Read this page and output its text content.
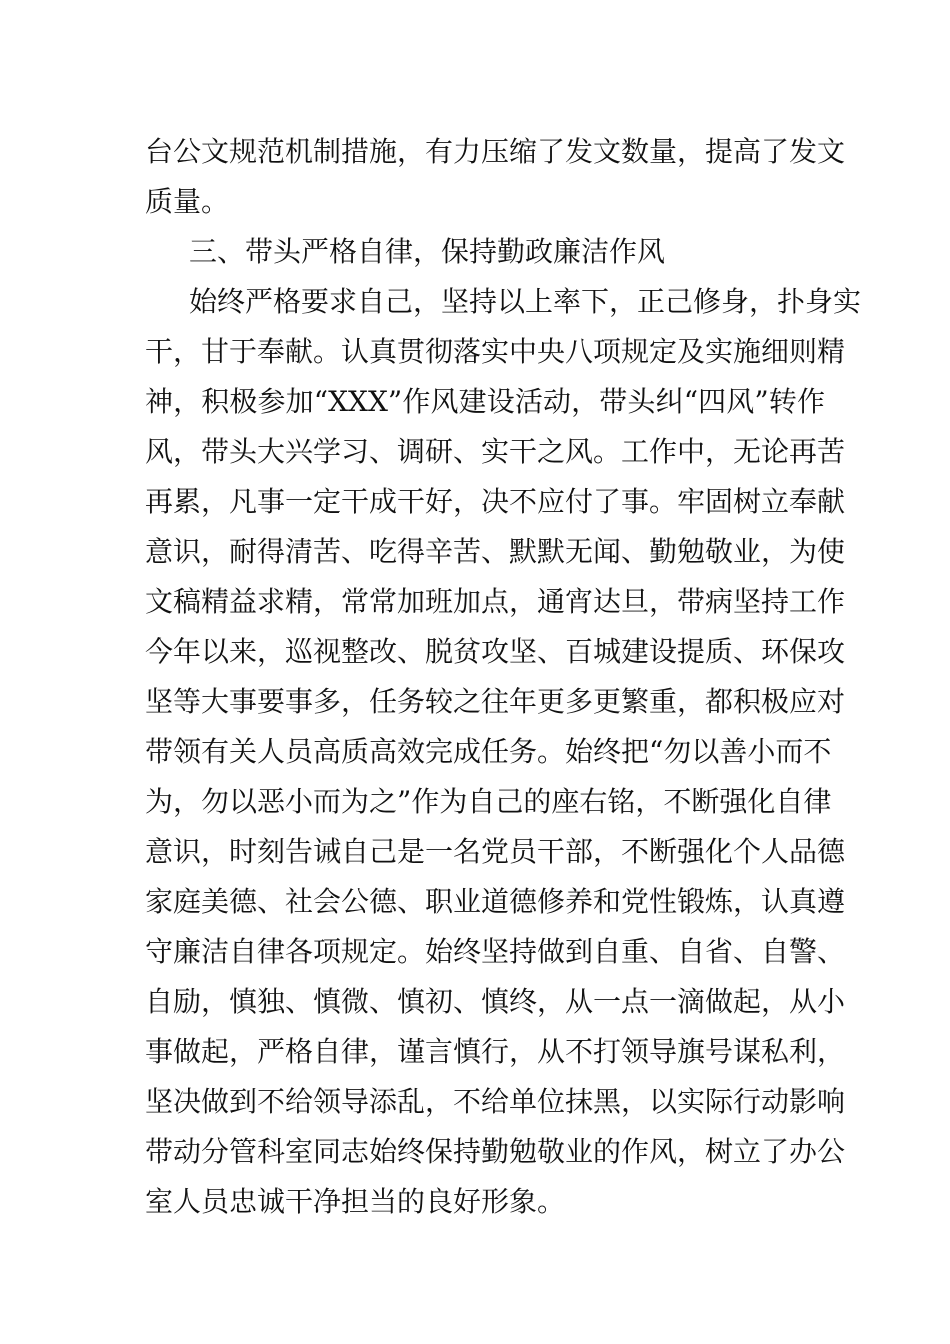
台公文规范机制措施，有力压缩了发文数量，提高了发文
质量。
三、带头严格自律，保持勤政廉洁作风
始终严格要求自己，坚持以上率下，正己修身，扑身实
干，甘于奉献。认真贯彻落实中央八项规定及实施细则精
神，积极参加“XXX”作风建设活动，带头纠“四风”转作
风，带头大兴学习、调研、实干之风。工作中，无论再苦
再累，凡事一定干成干好，决不应付了事。牢固树立奉献
意识，耐得清苦、吃得辛苦、默默无闻、勤勉敬业，为使
文稿精益求精，常常加班加点，通宵达旦，带病坚持工作
今年以来，巡视整改、脱贫攻坚、百城建设提质、环保攻
坚等大事要事多，任务较之往年更多更繁重，都积极应对
带领有关人员高质高效完成任务。始终把“勿以善小而不
为，勿以恶小而为之”作为自己的座右铭，不断强化自律
意识，时刻告诫自己是一名党员干部，不断强化个人品德
家庭美德、社会公德、职业道德修养和党性锻炼，认真遵
守廉洁自律各项规定。始终坚持做到自重、自省、自警、
自励，慎独、慎微、慎初、慎终，从一点一滴做起，从小
事做起，严格自律，谨言慎行，从不打领导旗号谋私利，
坚决做到不给领导添乱，不给单位抹黑，以实际行动影响
带动分管科室同志始终保持勤勉敬业的作风，树立了办公
室人员忠诚干净担当的良好形象。
